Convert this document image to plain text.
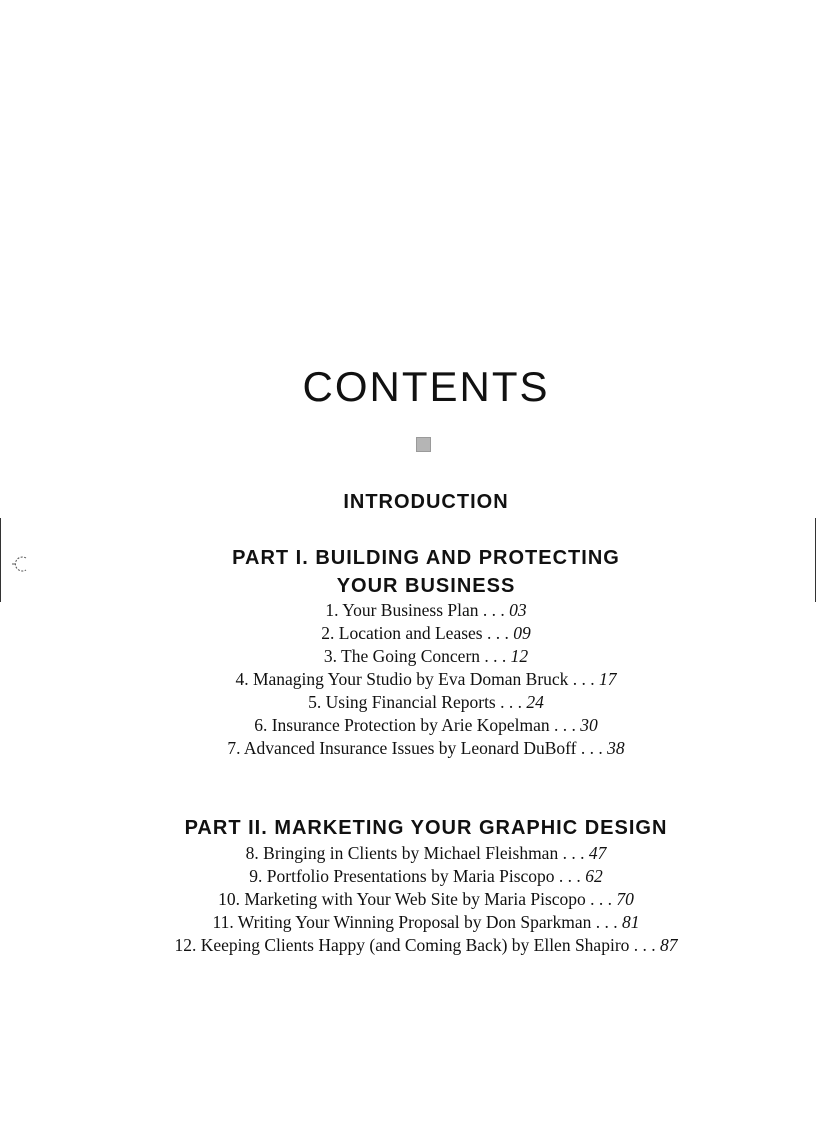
CONTENTS
INTRODUCTION
PART I. BUILDING AND PROTECTING
YOUR BUSINESS
1. Your Business Plan . . . 03
2. Location and Leases . . . 09
3. The Going Concern . . . 12
4. Managing Your Studio by Eva Doman Bruck . . . 17
5. Using Financial Reports . . . 24
6. Insurance Protection by Arie Kopelman . . . 30
7. Advanced Insurance Issues by Leonard DuBoff . . . 38
PART II. MARKETING YOUR GRAPHIC DESIGN
8. Bringing in Clients by Michael Fleishman . . . 47
9. Portfolio Presentations by Maria Piscopo . . . 62
10. Marketing with Your Web Site by Maria Piscopo . . . 70
11. Writing Your Winning Proposal by Don Sparkman . . . 81
12. Keeping Clients Happy (and Coming Back) by Ellen Shapiro . . . 87
